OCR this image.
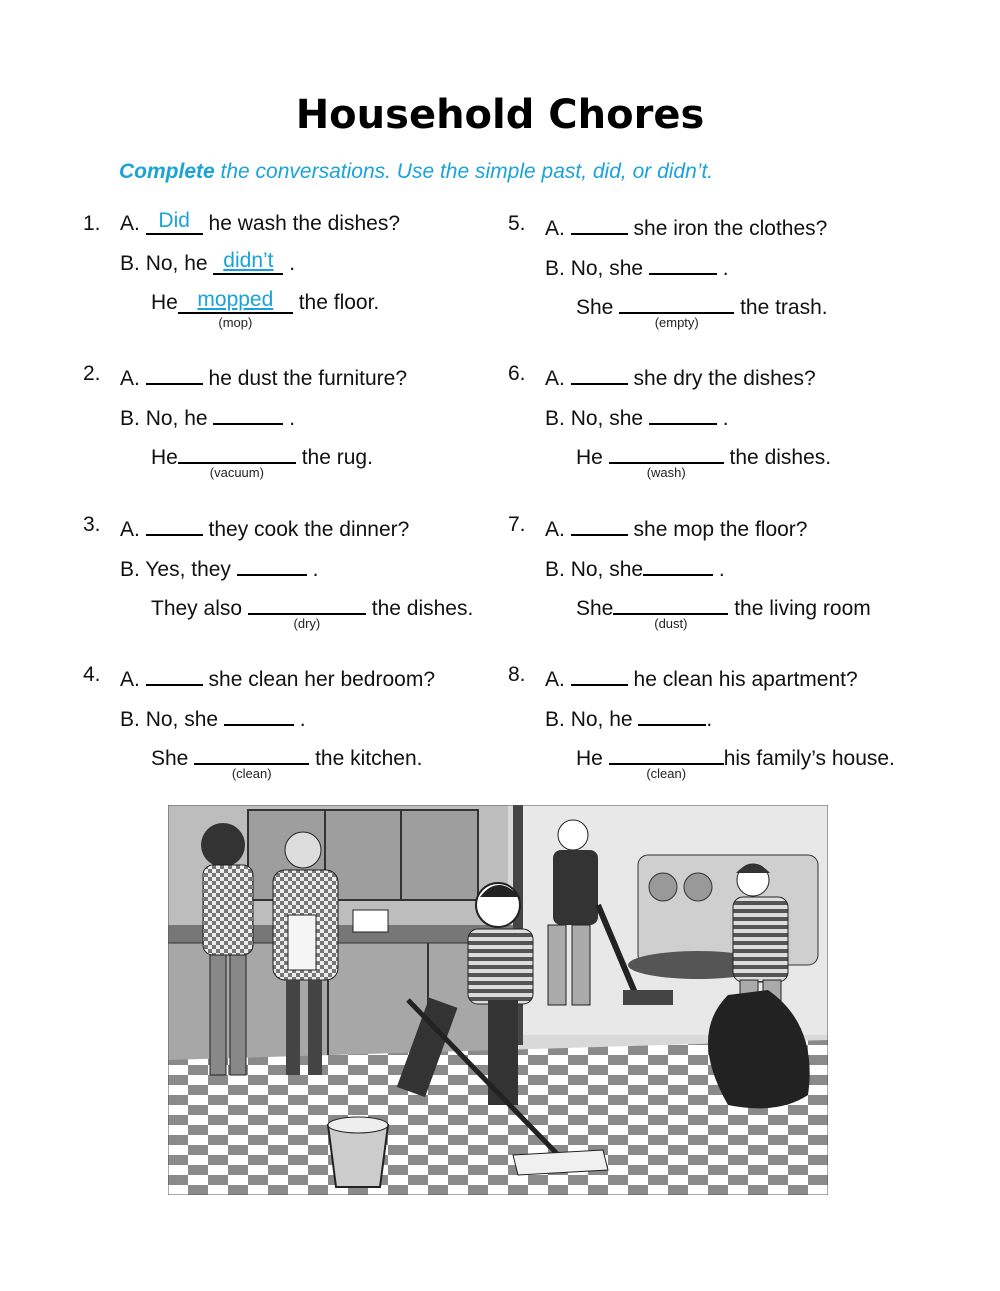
Household Chores
Complete the conversations. Use the simple past, did, or didn’t.
1. A. Did he wash the dishes?
B. No, he didn’t .
He mopped
(mop)
the floor.
2. A.	he dust the furniture?
B. No, he	.
He
(vacuum)
the rug.
3. A.	they cook the dinner?
B. Yes, they	.
They also
(dry)
the dishes.
4. A.	she clean her bedroom?
B. No, she	.
She
(clean)
the kitchen.
5. A.	she iron the clothes?
B. No, she	.
She
(empty)
the trash.
6. A.	she dry the dishes?
B. No, she	.
He
(wash)
the dishes.
7. A.	she mop the floor?
B. No, she	.
She
(dust)
the living room
8. A.	he clean his apartment?
B. No, he	.
He
(clean)
his family’s house.
